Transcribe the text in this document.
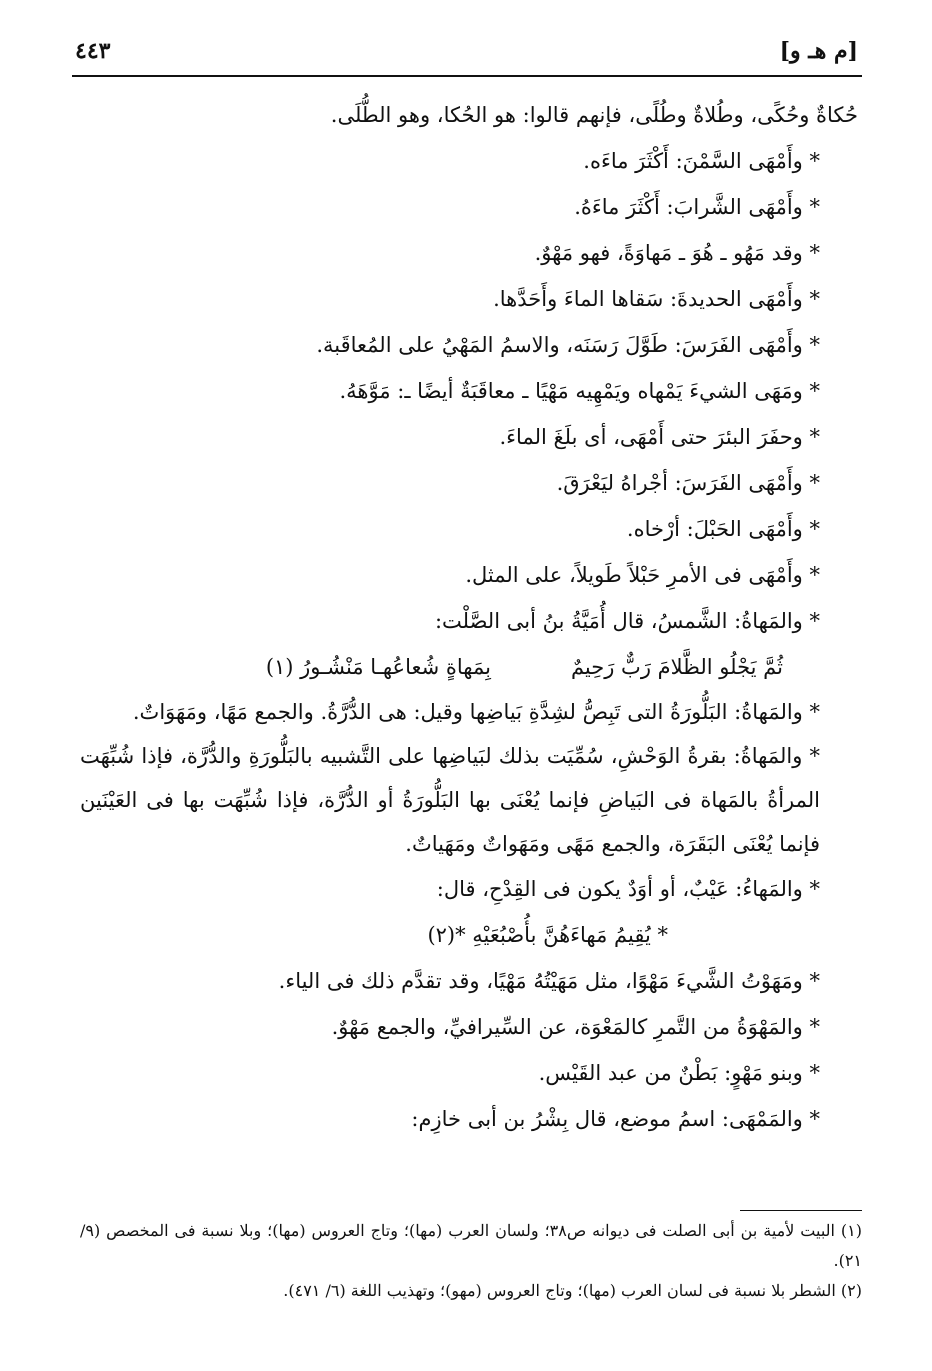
[م هـ و]
٤٤٣

حُكاةٌ وحُكًى، وطُلاةٌ وطُلًى، فإنهم قالوا: هو الحُكا، وهو الطُّلَى.

* وأَمْهَى السَّمْنَ: أَكْثَرَ ماءَه.

* وأَمْهَى الشَّرابَ: أَكْثَرَ ماءَهُ.

* وقد مَهُو ـ هُوَ ـ مَهاوَةً، فهو مَهْوٌ.

* وأَمْهَى الحديدةَ: سَقاها الماءَ وأَحَدَّها.

* وأَمْهَى الفَرَسَ: طَوَّلَ رَسَنَه، والاسمُ المَهْيُ على المُعاقَبة.

* ومَهَى الشيءَ يَمْهاه ويَمْهِيه مَهْيًا ـ معاقَبَةٌ أيضًا ـ: مَوَّهَهُ.

* وحفَرَ البئرَ حتى أَمْهَى، أى بلَغَ الماءَ.

* وأَمْهَى الفَرَسَ: أجْراهُ ليَعْرَقَ.

* وأَمْهَى الحَبْلَ: أرْخاه.

* وأَمْهَى فى الأمرِ حَبْلاً طَويلاً، على المثل.

* والمَهاةُ: الشَّمسُ، قال أُمَيَّةُ بنُ أبى الصَّلْت:

ثُمَّ يَجْلُو الظَّلامَ رَبٌّ رَحِيمٌ
بِمَهاةٍ شُعاعُهـا مَنْشُـورُ (١)

* والمَهاةُ: البَلُّورَةُ التى تَبِصُّ لشِدَّةِ بَياضِها وقيل: هى الدُّرَّةُ. والجمع مَهًا، ومَهَوَاتٌ.

* والمَهاةُ: بقرةُ الوَحْشِ، سُمِّيَت بذلك لبَياضِها على التَّشبيه بالبَلُّورَةِ والدُّرَّة، فإذا شُبِّهَت المرأةُ بالمَهاة فى البَياضِ فإنما يُعْنَى بها البَلُّورَةُ أو الدُّرَّة، فإذا شُبِّهَت بها فى العَيْنَين فإنما يُعْنَى البَقَرَة، والجمع مَهًى ومَهَواتٌ ومَهَياتٌ.

* والمَهاءُ: عَيْبٌ، أو أوَدٌ يكون فى القِدْحِ، قال:

* يُقِيمُ مَهاءَهُنَّ بأُصْبُعَيْهِ *(٢)

* ومَهَوْتُ الشَّيءَ مَهْوًا، مثل مَهَيْتُهُ مَهْيًا، وقد تقدَّم ذلك فى الياء.

* والمَهْوَةُ من التَّمرِ كالمَعْوَة، عن السِّيرافيِّ، والجمع مَهْوٌ.

* وبنو مَهْوٍ: بَطْنٌ من عبد القَيْس.

* والمَمْهَى: اسمُ موضع، قال بِشْرُ بن أبى خازِم:

(١) البيت لأمية بن أبى الصلت فى ديوانه ص٣٨؛ ولسان العرب (مها)؛ وتاج العروس (مها)؛ وبلا نسبة فى المخصص (٩/ ٢١).

(٢) الشطر بلا نسبة فى لسان العرب (مها)؛ وتاج العروس (مهو)؛ وتهذيب اللغة (٦/ ٤٧١).
